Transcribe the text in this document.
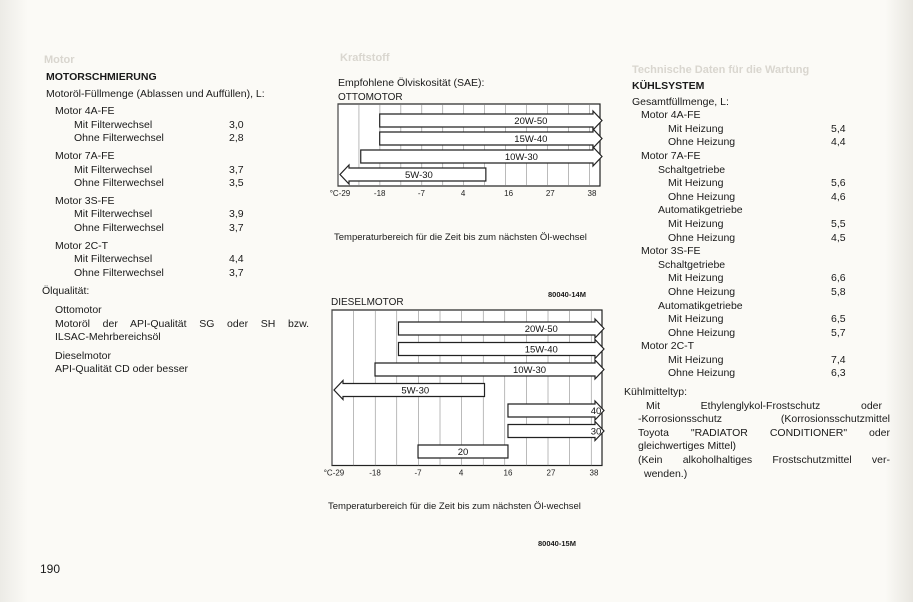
Motor	Kraftstoff
Technische Daten für die Wartung
MOTORSCHMIERUNG
Motoröl-Füllmenge (Ablassen und Auffüllen), L:
Motor 4A-FE
Mit Filterwechsel	3,0
Ohne Filterwechsel	2,8
Motor 7A-FE
Mit Filterwechsel	3,7
Ohne Filterwechsel	3,5
Motor 3S-FE
Mit Filterwechsel	3,9
Ohne Filterwechsel	3,7
Motor 2C-T
Mit Filterwechsel	4,4
Ohne Filterwechsel	3,7
Ölqualität:
Ottomotor
Motoröl der API-Qualität SG oder SH bzw.
ILSAC-Mehrbereichsöl
Dieselmotor
API-Qualität CD oder besser
Empfohlene Ölviskosität (SAE):
OTTOMOTOR
°C-29	-18	-7	4	16	27	38
20W-50
15W-40
10W-30
5W-30
Temperaturbereich für die Zeit bis zum nächsten Öl-wechsel
80040-14M
DIESELMOTOR
°C-29	-18	-7	4	16	27	38
20W-50
15W-40
10W-30
5W-30
40
30
20
Temperaturbereich für die Zeit bis zum nächsten Öl-wechsel
80040-15M
KÜHLSYSTEM
Gesamtfüllmenge, L:
Motor 4A-FE
Mit Heizung	5,4
Ohne Heizung	4,4
Motor 7A-FE
Schaltgetriebe
Mit Heizung	5,6
Ohne Heizung	4,6
Automatikgetriebe
Mit Heizung	5,5
Ohne Heizung	4,5
Motor 3S-FE
Schaltgetriebe
Mit Heizung	6,6
Ohne Heizung	5,8
Automatikgetriebe
Mit Heizung	6,5
Ohne Heizung	5,7
Motor 2C-T
Mit Heizung	7,4
Ohne Heizung	6,3
Kühlmitteltyp:
Mit Ethylenglykol-Frostschutz oder
-Korrosionsschutz (Korrosionsschutzmittel
Toyota "RADIATOR CONDITIONER" oder
gleichwertiges Mittel)
(Kein alkoholhaltiges Frostschutzmittel ver-
wenden.)
190
